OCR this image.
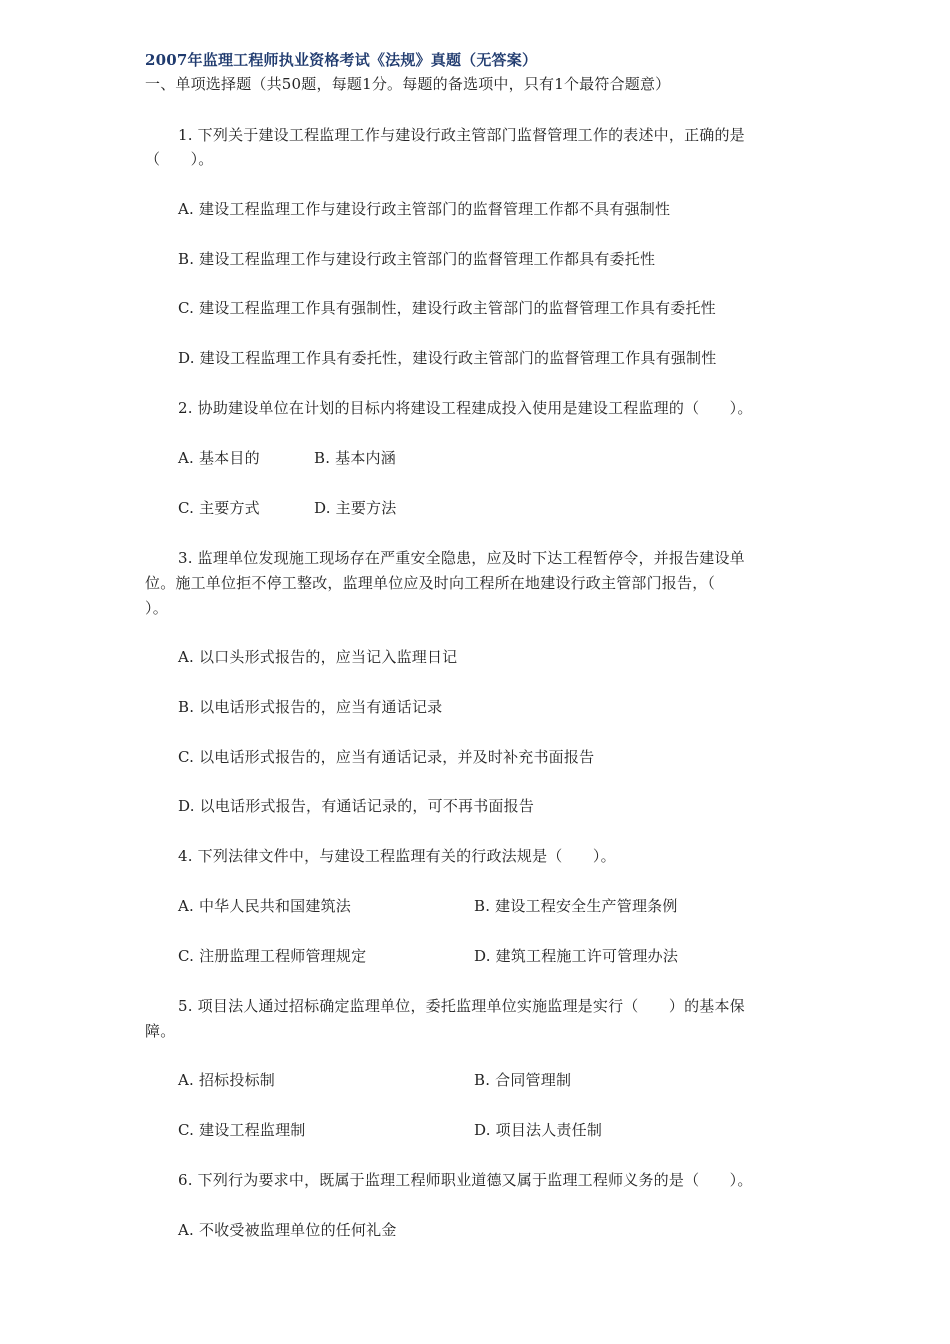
2007年监理工程师执业资格考试《法规》真题（无答案）
一、单项选择题（共50题，每题1分。每题的备选项中，只有1个最符合题意）
1. 下列关于建设工程监理工作与建设行政主管部门监督管理工作的表述中，正确的是
（　　）。
A. 建设工程监理工作与建设行政主管部门的监督管理工作都不具有强制性
B. 建设工程监理工作与建设行政主管部门的监督管理工作都具有委托性
C. 建设工程监理工作具有强制性，建设行政主管部门的监督管理工作具有委托性
D. 建设工程监理工作具有委托性，建设行政主管部门的监督管理工作具有强制性
2. 协助建设单位在计划的目标内将建设工程建成投入使用是建设工程监理的（　　）。
A. 基本目的	B. 基本内涵
C. 主要方式	D. 主要方法
3. 监理单位发现施工现场存在严重安全隐患，应及时下达工程暂停令，并报告建设单
位。施工单位拒不停工整改，监理单位应及时向工程所在地建设行政主管部门报告，（
）。
A. 以口头形式报告的，应当记入监理日记
B. 以电话形式报告的，应当有通话记录
C. 以电话形式报告的，应当有通话记录，并及时补充书面报告
D. 以电话形式报告，有通话记录的，可不再书面报告
4. 下列法律文件中，与建设工程监理有关的行政法规是（　　）。
A. 中华人民共和国建筑法	B. 建设工程安全生产管理条例
C. 注册监理工程师管理规定	D. 建筑工程施工许可管理办法
5. 项目法人通过招标确定监理单位，委托监理单位实施监理是实行（　　）的基本保
障。
A. 招标投标制	B. 合同管理制
C. 建设工程监理制	D. 项目法人责任制
6. 下列行为要求中，既属于监理工程师职业道德又属于监理工程师义务的是（　　）。
A. 不收受被监理单位的任何礼金
